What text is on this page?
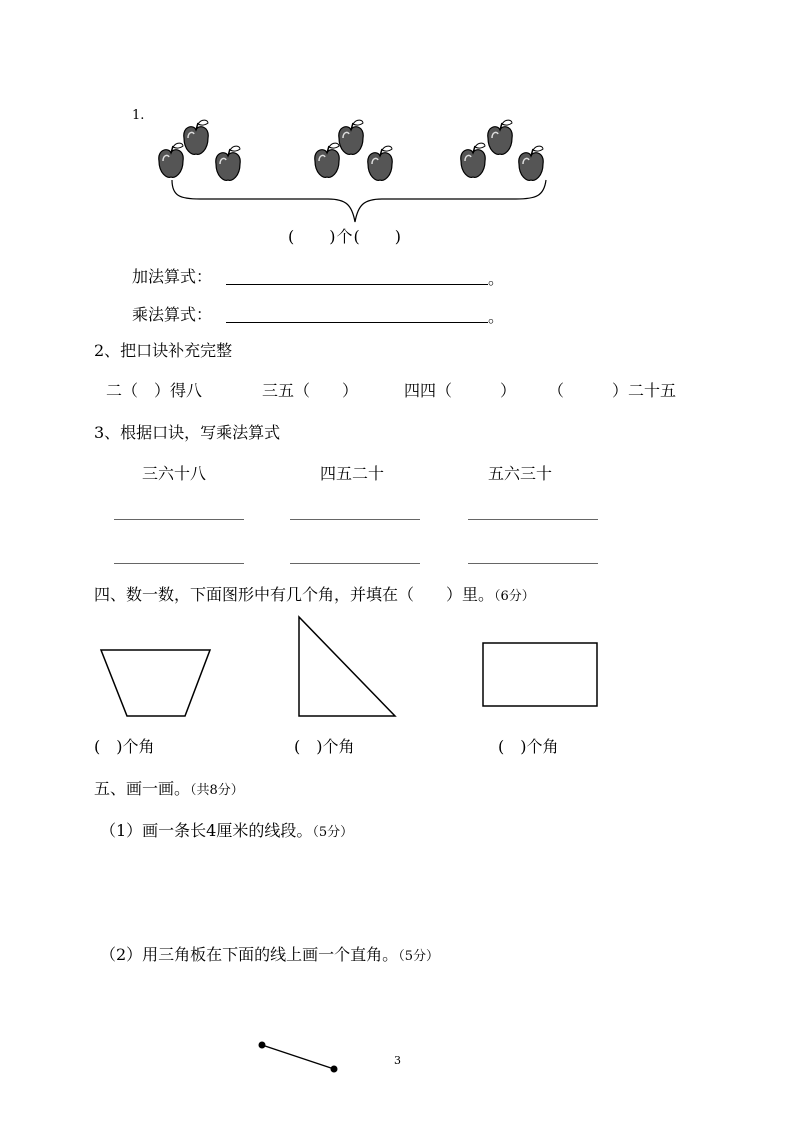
1.
(　　)个(　　)
加法算式：	。
乘法算式：	。
2、把口诀补充完整
二（　）得八	三五（　　）	四四（　　　） （　　　）二十五
3、根据口诀，写乘法算式
三六十八	四五二十	五六三十
四、数一数，下面图形中有几个角，并填在（　　）里。（6分）
(　)个角	(　)个角	(　)个角
五、画一画。（共8分）
（1）画一条长4厘米的线段。（5分）
（2）用三角板在下面的线上画一个直角。（5分）
3
